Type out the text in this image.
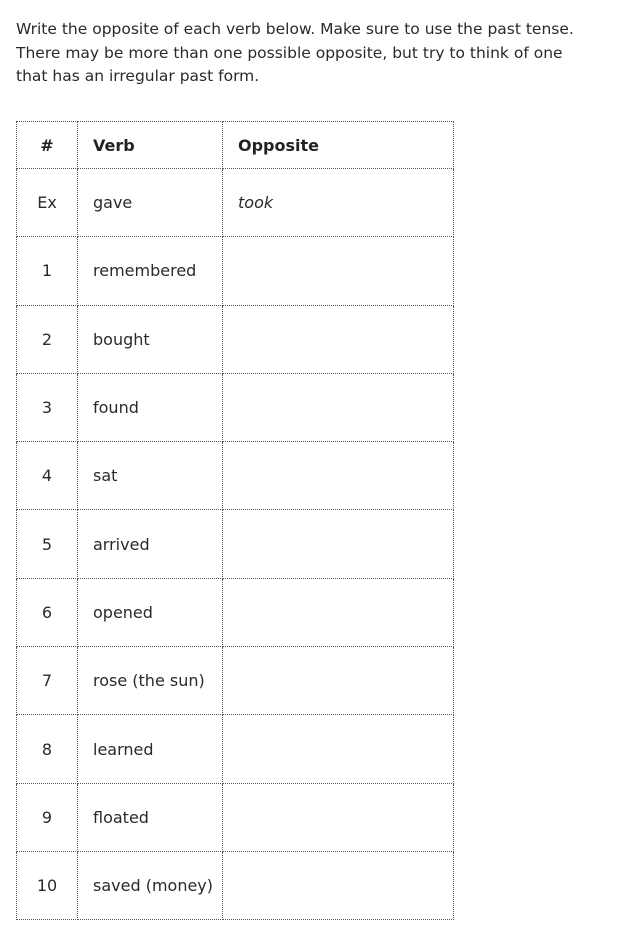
Write the opposite of each verb below. Make sure to use the past tense.
There may be more than one possible opposite, but try to think of one
that has an irregular past form.
#	Verb	Opposite
Ex	gave	took
1	remembered	
2	bought	
3	found	
4	sat	
5	arrived	
6	opened	
7	rose (the sun)	
8	learned	
9	floated	
10	saved (money)	
